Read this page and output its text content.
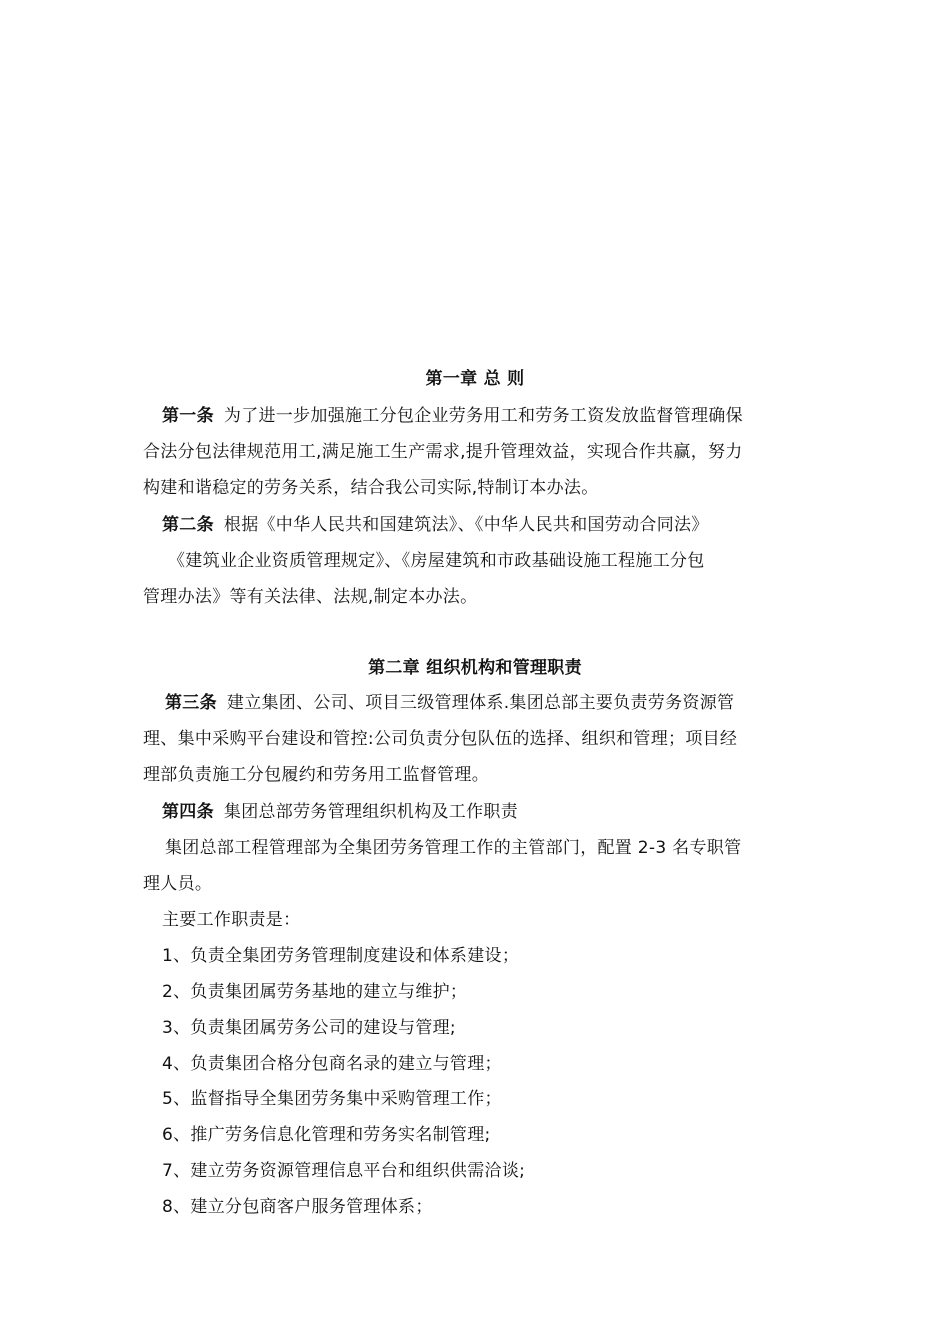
第一章 总 则
第一条 为了进一步加强施工分包企业劳务用工和劳务工资发放监督管理确保
合法分包法律规范用工,满足施工生产需求,提升管理效益，实现合作共赢，努力
构建和谐稳定的劳务关系，结合我公司实际,特制订本办法。
第二条 根据《中华人民共和国建筑法》、《中华人民共和国劳动合同法》
《建筑业企业资质管理规定》、《房屋建筑和市政基础设施工程施工分包
管理办法》等有关法律、法规,制定本办法。
第二章 组织机构和管理职责
第三条 建立集团、公司、项目三级管理体系.集团总部主要负责劳务资源管
理、集中采购平台建设和管控:公司负责分包队伍的选择、组织和管理；项目经
理部负责施工分包履约和劳务用工监督管理。
第四条 集团总部劳务管理组织机构及工作职责
集团总部工程管理部为全集团劳务管理工作的主管部门，配置 2-3 名专职管
理人员。
主要工作职责是：
1、负责全集团劳务管理制度建设和体系建设；
2、负责集团属劳务基地的建立与维护；
3、负责集团属劳务公司的建设与管理;
4、负责集团合格分包商名录的建立与管理；
5、监督指导全集团劳务集中采购管理工作；
6、推广劳务信息化管理和劳务实名制管理;
7、建立劳务资源管理信息平台和组织供需洽谈;
8、建立分包商客户服务管理体系；
